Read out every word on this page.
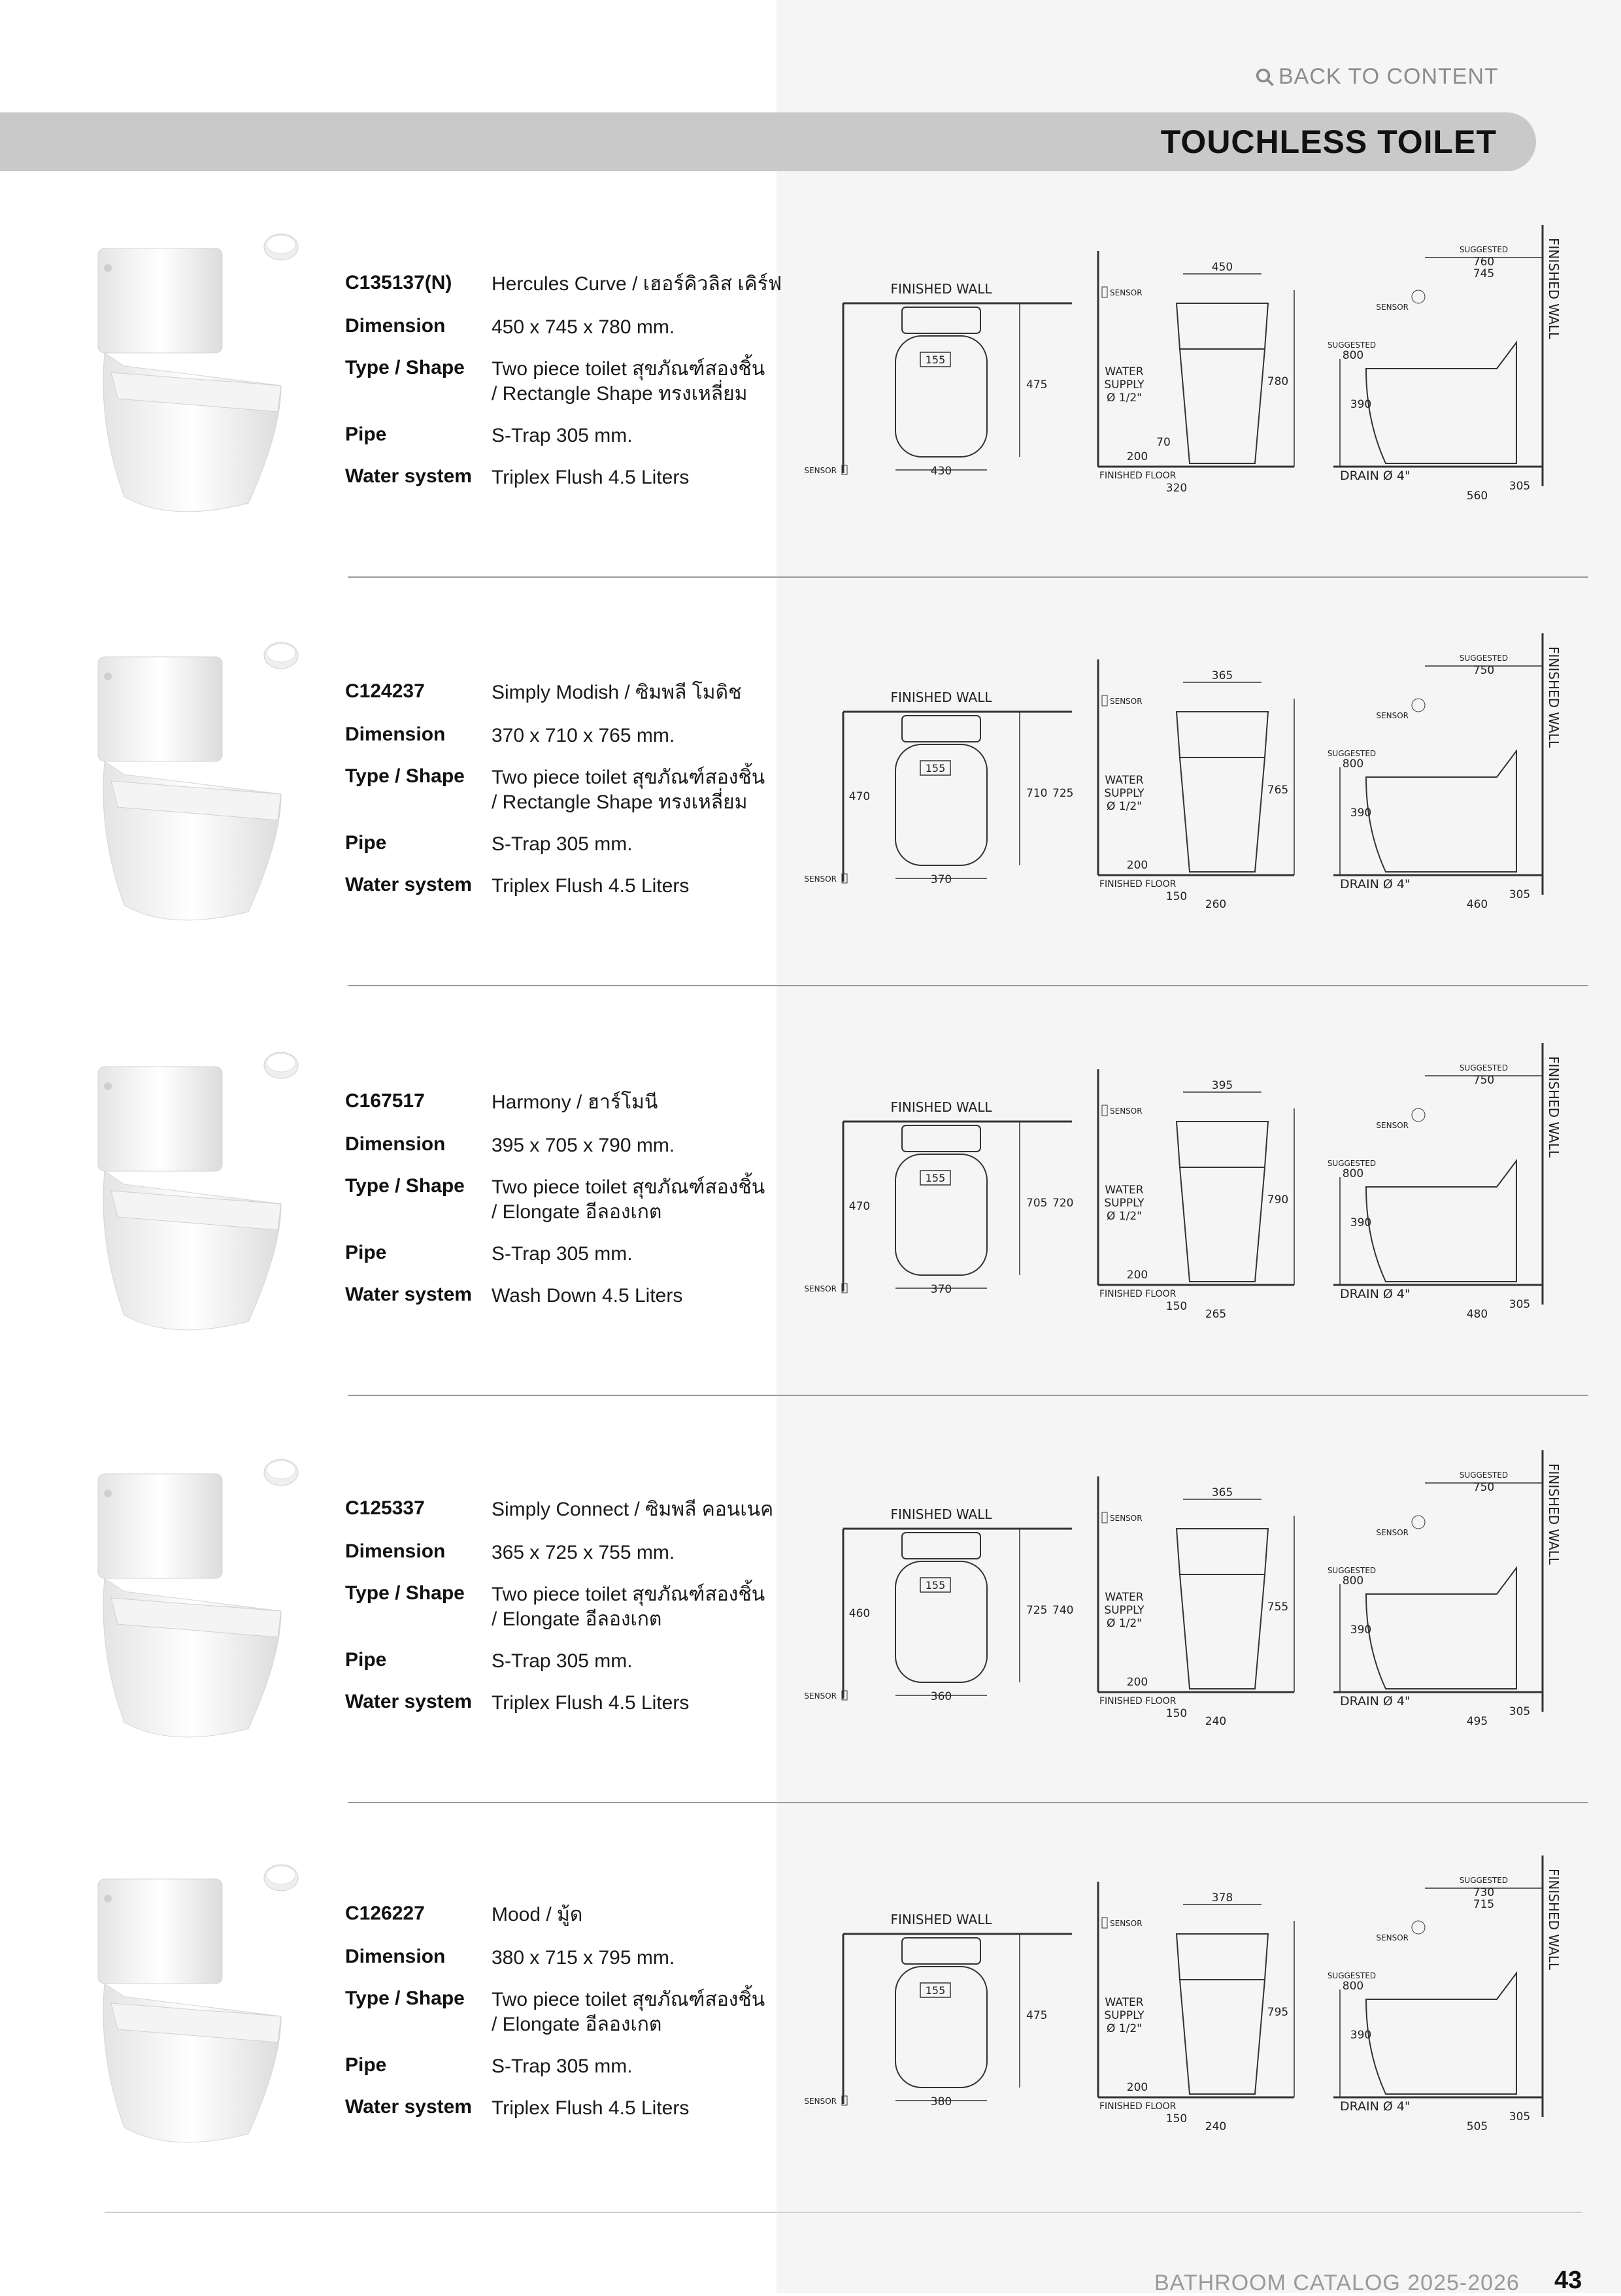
BACK TO CONTENT
TOUCHLESS TOILET
C135137(N) Hercules Curve / เฮอร์คิวลิส เคิร์ฟ
Dimension 450 x 745 x 780 mm.
Type / Shape Two piece toilet สุขภัณฑ์สองชิ้น
/ Rectangle Shape ทรงเหลี่ยม
Pipe	S-Trap 305 mm.
Water system Triplex Flush 4.5 Liters
FINISHED WALL
155
430
475
SENSOR
SENSOR
450
780
WATER
SUPPLY
Ø 1/2"
200
70
FINISHED FLOOR
320
FINISHED WALL
SUGGESTED
760
745
SENSOR
SUGGESTED
800
390
DRAIN Ø 4"
305
560
C124237	Simply Modish / ซิมพลี โมดิช
Dimension 370 x 710 x 765 mm.
Type / Shape Two piece toilet สุขภัณฑ์สองชิ้น
/ Rectangle Shape ทรงเหลี่ยม
Pipe	S-Trap 305 mm.
Water system Triplex Flush 4.5 Liters
FINISHED WALL
155
370
710 725
470
SENSOR
SENSOR
365
765
WATER
SUPPLY
Ø 1/2"
200
FINISHED FLOOR
150
260
FINISHED WALL
SUGGESTED
750
SENSOR
SUGGESTED
800
390
DRAIN Ø 4"
305
460
C167517	Harmony / ฮาร์โมนี
Dimension 395 x 705 x 790 mm.
Type / Shape Two piece toilet สุขภัณฑ์สองชิ้น
/ Elongate อีลองเกต
Pipe	S-Trap 305 mm.
Water system Wash Down 4.5 Liters
FINISHED WALL
155
370
705 720
470
SENSOR
SENSOR
395
790
WATER
SUPPLY
Ø 1/2"
200
FINISHED FLOOR
150
265
FINISHED WALL
SUGGESTED
750
SENSOR
SUGGESTED
800
390
DRAIN Ø 4"
305
480
C125337	Simply Connect / ซิมพลี คอนเนค
Dimension 365 x 725 x 755 mm.
Type / Shape Two piece toilet สุขภัณฑ์สองชิ้น
/ Elongate อีลองเกต
Pipe	S-Trap 305 mm.
Water system Triplex Flush 4.5 Liters
FINISHED WALL
155
360
725 740
460
SENSOR
SENSOR
365
755
WATER
SUPPLY
Ø 1/2"
200
FINISHED FLOOR
150
240
FINISHED WALL
SUGGESTED
750
SENSOR
SUGGESTED
800
390
DRAIN Ø 4"
305
495
C126227	Mood / มู้ด
Dimension 380 x 715 x 795 mm.
Type / Shape Two piece toilet สุขภัณฑ์สองชิ้น
/ Elongate อีลองเกต
Pipe	S-Trap 305 mm.
Water system Triplex Flush 4.5 Liters
FINISHED WALL
155
380
475
SENSOR
SENSOR
378
795
WATER
SUPPLY
Ø 1/2"
200
FINISHED FLOOR
150
240
FINISHED WALL
SUGGESTED
730
715
SENSOR
SUGGESTED
800
390
DRAIN Ø 4"
305
505
BATHROOM CATALOG 2025-2026 43
